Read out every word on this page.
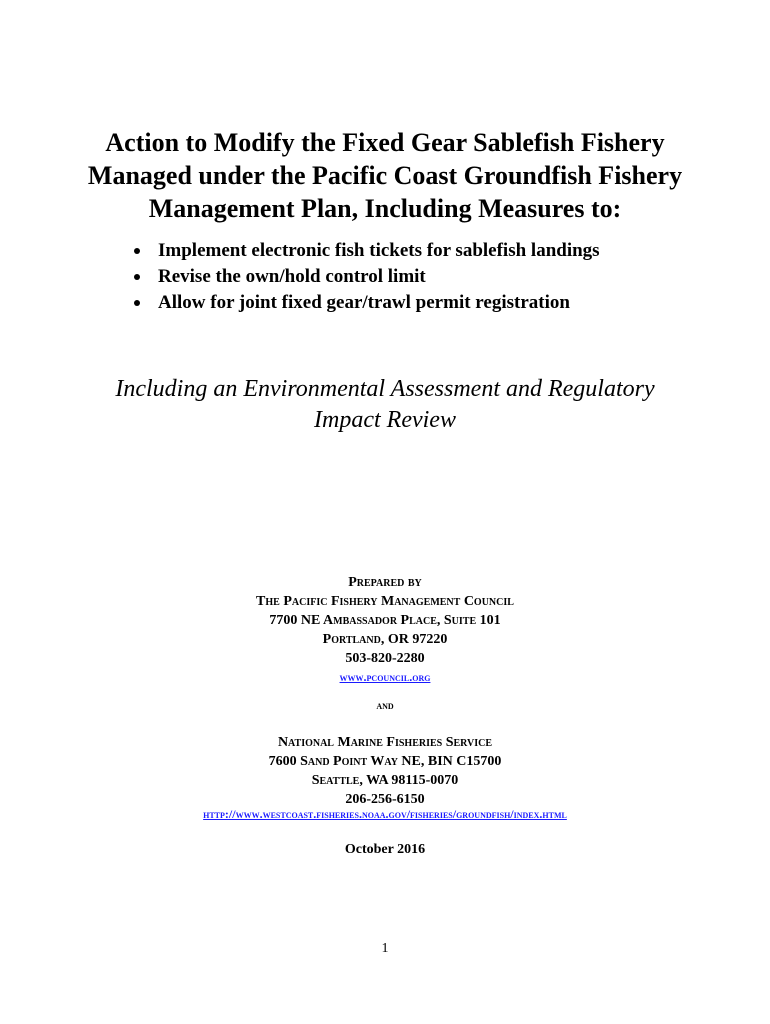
Action to Modify the Fixed Gear Sablefish Fishery
Managed under the Pacific Coast Groundfish Fishery
Management Plan, Including Measures to:
Implement electronic fish tickets for sablefish landings
Revise the own/hold control limit
Allow for joint fixed gear/trawl permit registration
Including an Environmental Assessment and Regulatory
Impact Review
Prepared by
The Pacific Fishery Management Council
7700 NE Ambassador Place, Suite 101
Portland, OR 97220
503-820-2280
www.pcouncil.org
and
National Marine Fisheries Service
7600 Sand Point Way NE, BIN C15700
Seattle, WA 98115-0070
206-256-6150
http://www.westcoast.fisheries.noaa.gov/fisheries/groundfish/index.html
October 2016
1
